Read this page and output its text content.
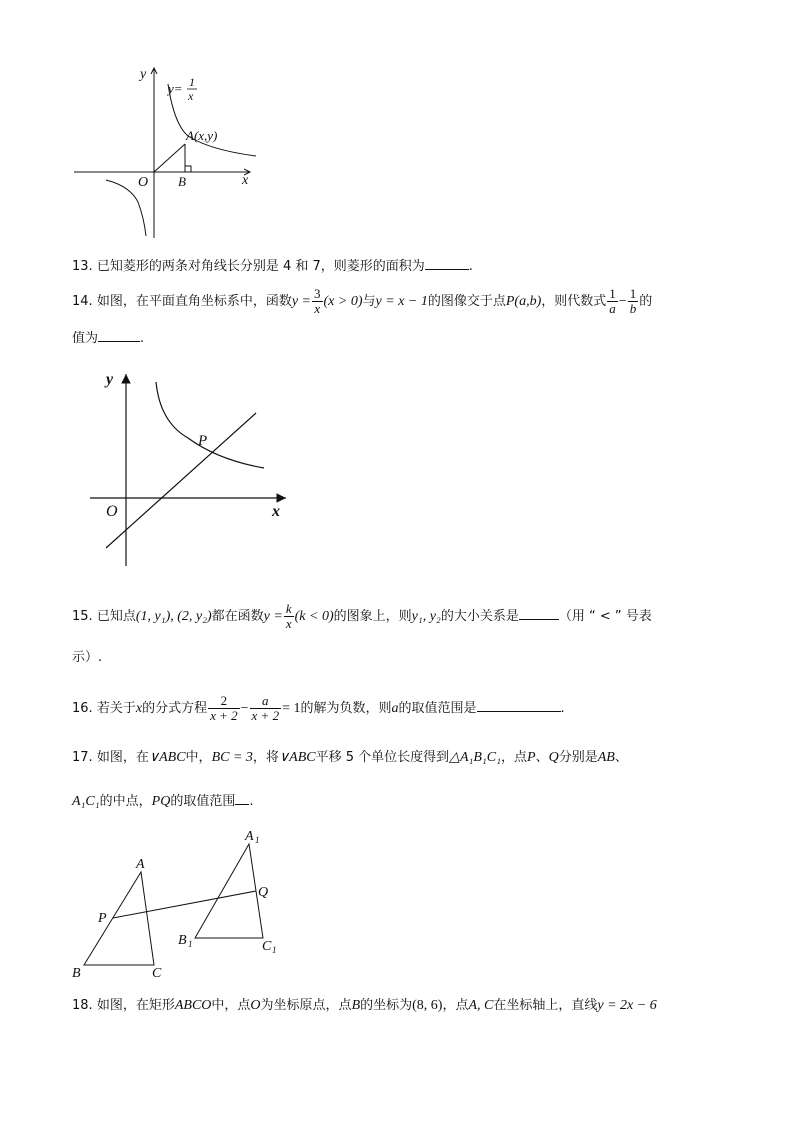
y
x
O
y= 1
x
A(x,y)
B
13. 已知菱形的两条对角线长分别是 4 和 7，则菱形的面积为	.
14. 如图，在平面直角坐标系中，函数$y = \frac{3}{x} (x > 0)$与y = x − 1的图像交于点P(a,b)，则代数式 $\frac{1}{a} - \frac{1}{b}$ 的
值为	.
y
x
O
P
15. 已知点(1, y₁), (2, y₂)都在函数$y = \frac{k}{x} (k < 0)$的图象上，则y₁, y₂的大小关系是	（用 “ < ” 号表
示）.
16. 若关于x的分式方程 $\frac{2}{x + 2} - \frac{a}{x + 2} = 1$的解为负数，则a的取值范围是	.
17. 如图，在∨ABC中，BC = 3，将∨ABC平移 5 个单位长度得到△A₁B₁C₁，点P、Q分别是AB、
A₁C₁的中点，PQ的取值范围 .
A
B	C
P
A 1
Q
B 1	C 1
18. 如图，在矩形ABCO中，点O为坐标原点，点B的坐标为(8, 6)，点A, C在坐标轴上，直线y = 2x − 6
